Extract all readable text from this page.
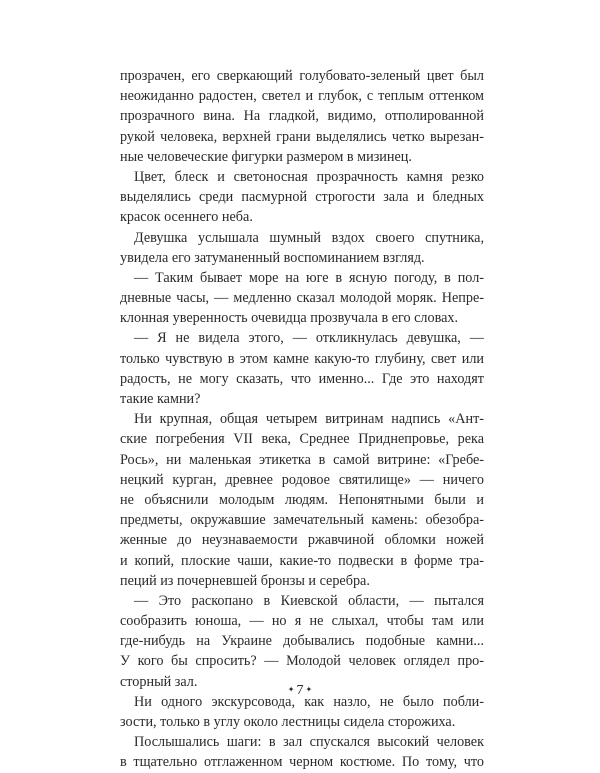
прозрачен, его сверкающий голубовато-зеленый цвет был
неожиданно радостен, светел и глубок, с теплым оттенком
прозрачного вина. На гладкой, видимо, отполированной
рукой человека, верхней грани выделялись четко вырезан-
ные человеческие фигурки размером в мизинец.
Цвет, блеск и светоносная прозрачность камня резко
выделялись среди пасмурной строгости зала и бледных
красок осеннего неба.
Девушка услышала шумный вздох своего спутника,
увидела его затуманенный воспоминанием взгляд.
— Таким бывает море на юге в ясную погоду, в пол-
дневные часы, — медленно сказал молодой моряк. Непре-
клонная уверенность очевидца прозвучала в его словах.
— Я не видела этого, — откликнулась девушка, —
только чувствую в этом камне какую-то глубину, свет или
радость, не могу сказать, что именно... Где это находят
такие камни?
Ни крупная, общая четырем витринам надпись «Ант-
ские погребения VII века, Среднее Приднепровье, река
Рось», ни маленькая этикетка в самой витрине: «Гребе-
нецкий курган, древнее родовое святилище» — ничего
не объяснили молодым людям. Непонятными были и
предметы, окружавшие замечательный камень: обезобра-
женные до неузнаваемости ржавчиной обломки ножей
и копий, плоские чаши, какие-то подвески в форме тра-
пеций из почерневшей бронзы и серебра.
— Это раскопано в Киевской области, — пытался
сообразить юноша, — но я не слыхал, чтобы там или
где-нибудь на Украине добывались подобные камни...
У кого бы спросить? — Молодой человек оглядел про-
сторный зал.
Ни одного экскурсовода, как назло, не было побли-
зости, только в углу около лестницы сидела сторожиха.
Послышались шаги: в зал спускался высокий человек
в тщательно отглаженном черном костюме. По тому, что
✦ 7 ✦
